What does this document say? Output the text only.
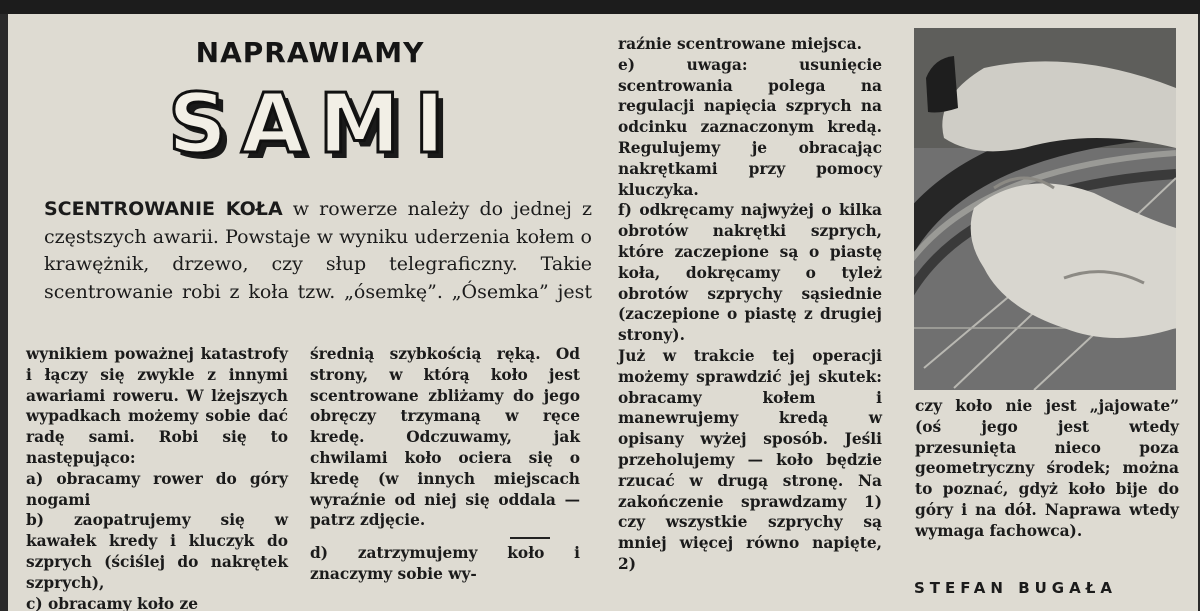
NAPRAWIAMY
SAMI
SCENTROWANIE KOŁA w rowerze należy do jednej z częstszych awarii. Powstaje w wyniku uderzenia kołem o krawężnik, drzewo, czy słup telegraficzny. Takie scentrowanie robi z koła tzw. „ósemkę”. „Ósemka” jest

wynikiem poważnej katastrofy i łączy się zwykle z innymi awariami roweru. W lżejszych wypadkach możemy sobie dać radę sami. Robi się to następująco:

a) obracamy rower do góry nogami

b) zaopatrujemy się w kawałek kredy i kluczyk do szprych (ściślej do nakrętek szprych),

c) obracamy koło ze

średnią szybkością ręką. Od strony, w którą koło jest scentrowane zbliżamy do jego obręczy trzymaną w ręce kredę. Odczuwamy, jak chwilami koło ociera się o kredę (w innych miejscach wyraźnie od niej się oddala — patrz zdjęcie.

d) zatrzymujemy koło i znaczymy sobie wy-

raźnie scentrowane miejsca.

e) uwaga: usunięcie scentrowania polega na regulacji napięcia szprych na odcinku zaznaczonym kredą. Regulujemy je obracając nakrętkami przy pomocy kluczyka.

f) odkręcamy najwyżej o kilka obrotów nakrętki szprych, które zaczepione są o piastę koła, dokręcamy o tyleż obrotów szprychy sąsiednie (zaczepione o piastę z drugiej strony).

Już w trakcie tej operacji możemy sprawdzić jej skutek: obracamy kołem i manewrujemy kredą w opisany wyżej sposób. Jeśli przeholujemy — koło będzie rzucać w drugą stronę. Na zakończenie sprawdzamy 1) czy wszystkie szprychy są mniej więcej równo napięte, 2)

czy koło nie jest „jajowate” (oś jego jest wtedy przesunięta nieco poza geometryczny środek; można to poznać, gdyż koło bije do góry i na dół. Naprawa wtedy wymaga fachowca).

STEFAN BUGAŁA
